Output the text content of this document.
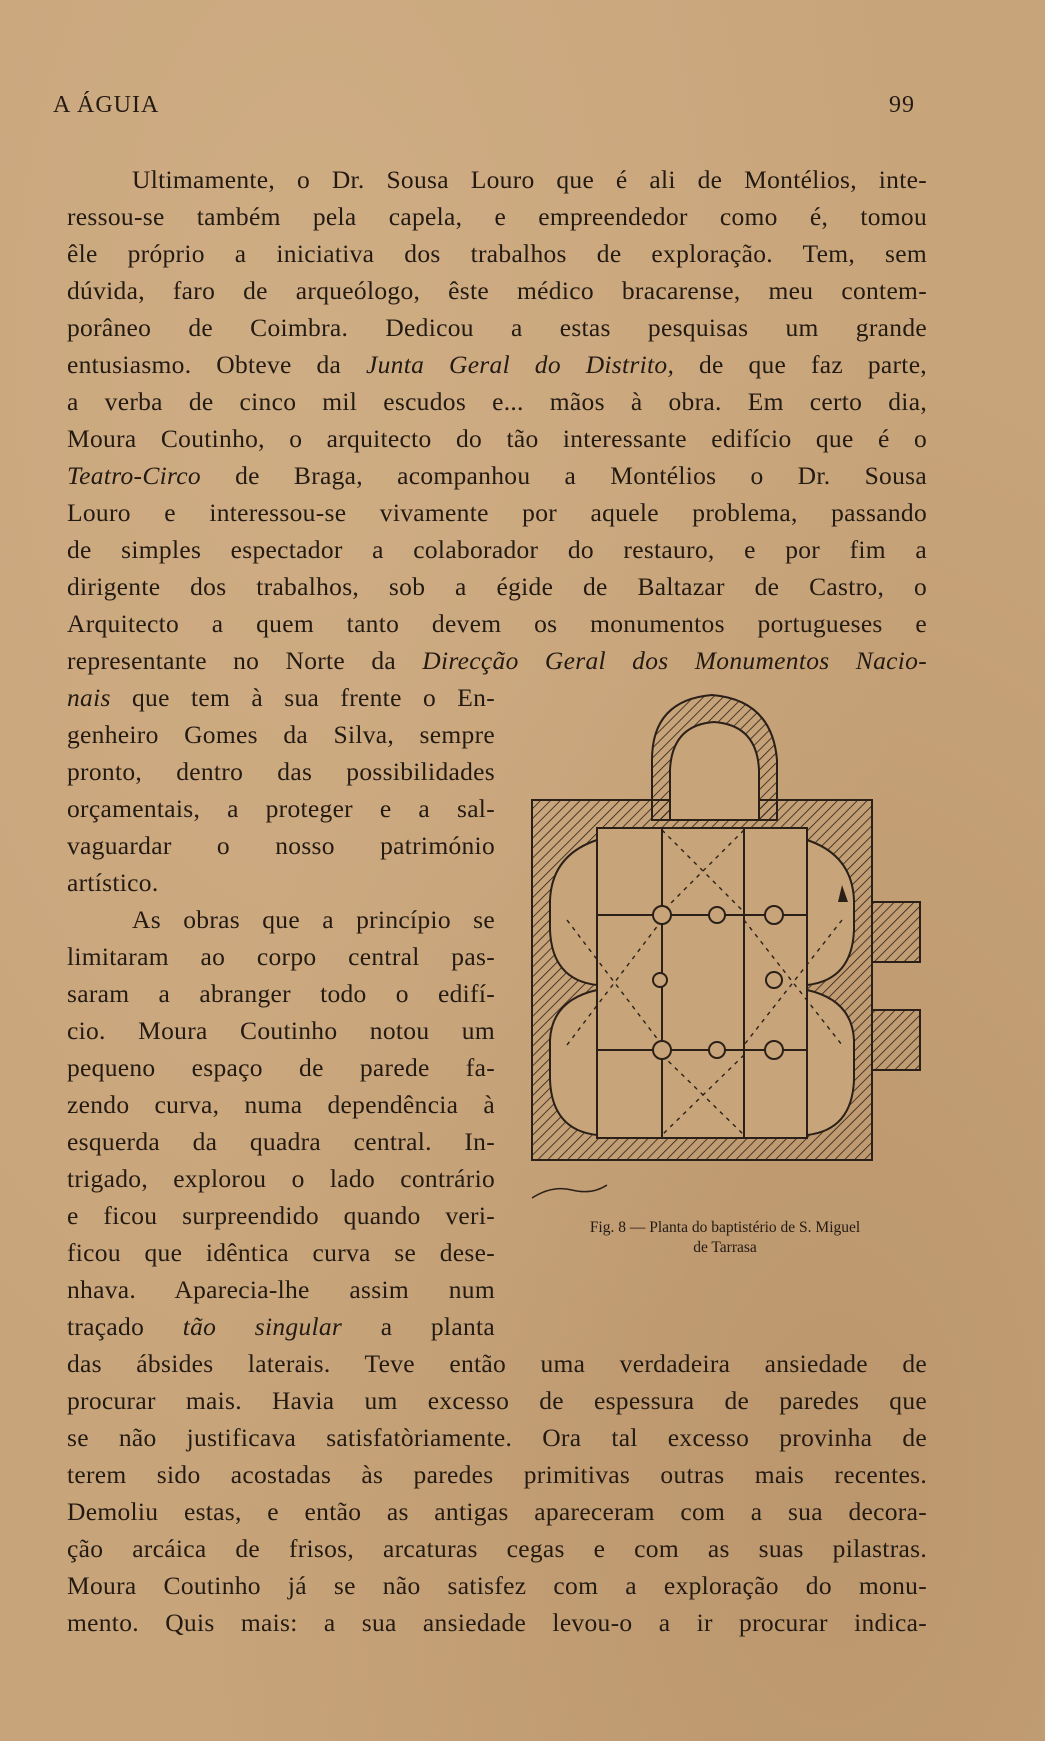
A ÁGUIA	99
Ultimamente, o Dr. Sousa Louro que é ali de Montélios, inte-
ressou-se também pela capela, e empreendedor como é, tomou
êle próprio a iniciativa dos trabalhos de exploração. Tem, sem
dúvida, faro de arqueólogo, êste médico bracarense, meu contem-
porâneo de Coimbra. Dedicou a estas pesquisas um grande
entusiasmo. Obteve da Junta Geral do Distrito, de que faz parte,
a verba de cinco mil escudos e... mãos à obra. Em certo dia,
Moura Coutinho, o arquitecto do tão interessante edifício que é o
Teatro-Circo de Braga, acompanhou a Montélios o Dr. Sousa
Louro e interessou-se vivamente por aquele problema, passando
de simples espectador a colaborador do restauro, e por fim a
dirigente dos trabalhos, sob a égide de Baltazar de Castro, o
Arquitecto a quem tanto devem os monumentos portugueses e
representante no Norte da Direcção Geral dos Monumentos Nacio-
nais que tem à sua frente o En-
genheiro Gomes da Silva, sempre
pronto, dentro das possibilidades
orçamentais, a proteger e a sal-
vaguardar o nosso património
artístico.
As obras que a princípio se
limitaram ao corpo central pas-
saram a abranger todo o edifí-
cio. Moura Coutinho notou um
pequeno espaço de parede fa-
zendo curva, numa dependência à
esquerda da quadra central. In-
trigado, explorou o lado contrário
e ficou surpreendido quando veri-
ficou que idêntica curva se dese-
nhava. Aparecia-lhe assim num
traçado tão singular a planta
das ábsides laterais. Teve então uma verdadeira ansiedade de
procurar mais. Havia um excesso de espessura de paredes que
se não justificava satisfatòriamente. Ora tal excesso provinha de
terem sido acostadas às paredes primitivas outras mais recentes.
Demoliu estas, e então as antigas apareceram com a sua decora-
ção arcáica de frisos, arcaturas cegas e com as suas pilastras.
Moura Coutinho já se não satisfez com a exploração do monu-
mento. Quis mais: a sua ansiedade levou-o a ir procurar indica-
Fig. 8 — Planta do baptistério de S. Miguel
de Tarrasa
